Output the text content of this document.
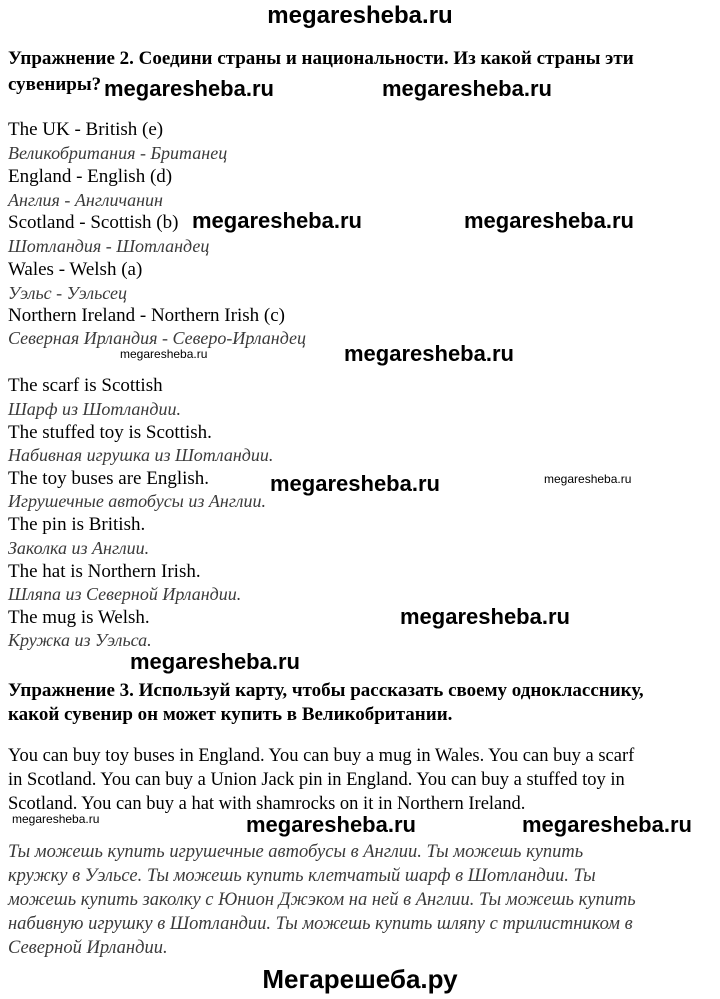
megaresheba.ru
Упражнение 2. Соедини страны и национальности. Из какой страны эти
сувениры? megaresheba.ru	megaresheba.ru
The UK - British (e)
Великобритания - Британец
England - English (d)
Англия - Англичанин
Scotland - Scottish (b) megaresheba.ru	megaresheba.ru
Шотландия - Шотландец
Wales - Welsh (a)
Уэльс - Уэльсец
Northern Ireland - Northern Irish (c)
Северная Ирландия - Северо-Ирландец
megaresheba.ru	megaresheba.ru
The scarf is Scottish
Шарф из Шотландии.
The stuffed toy is Scottish.
Набивная игрушка из Шотландии.
The toy buses are English.	megaresheba.ru	megaresheba.ru
Игрушечные автобусы из Англии.
The pin is British.
Заколка из Англии.
The hat is Northern Irish.
Шляпа из Северной Ирландии.
The mug is Welsh.	megaresheba.ru
Кружка из Уэльса.
megaresheba.ru
Упражнение 3. Используй карту, чтобы рассказать своему однокласснику,
какой сувенир он может купить в Великобритании.
You can buy toy buses in England. You can buy a mug in Wales. You can buy a scarf
in Scotland. You can buy a Union Jack pin in England. You can buy a stuffed toy in
Scotland. You can buy a hat with shamrocks on it in Northern Ireland.
megaresheba.ru	megaresheba.ru	megaresheba.ru
Ты можешь купить игрушечные автобусы в Англии. Ты можешь купить
кружку в Уэльсе. Ты можешь купить клетчатый шарф в Шотландии. Ты
можешь купить заколку с Юнион Джэком на ней в Англии. Ты можешь купить
набивную игрушку в Шотландии. Ты можешь купить шляпу с трилистником в
Северной Ирландии.
Мегарешеба.ру
